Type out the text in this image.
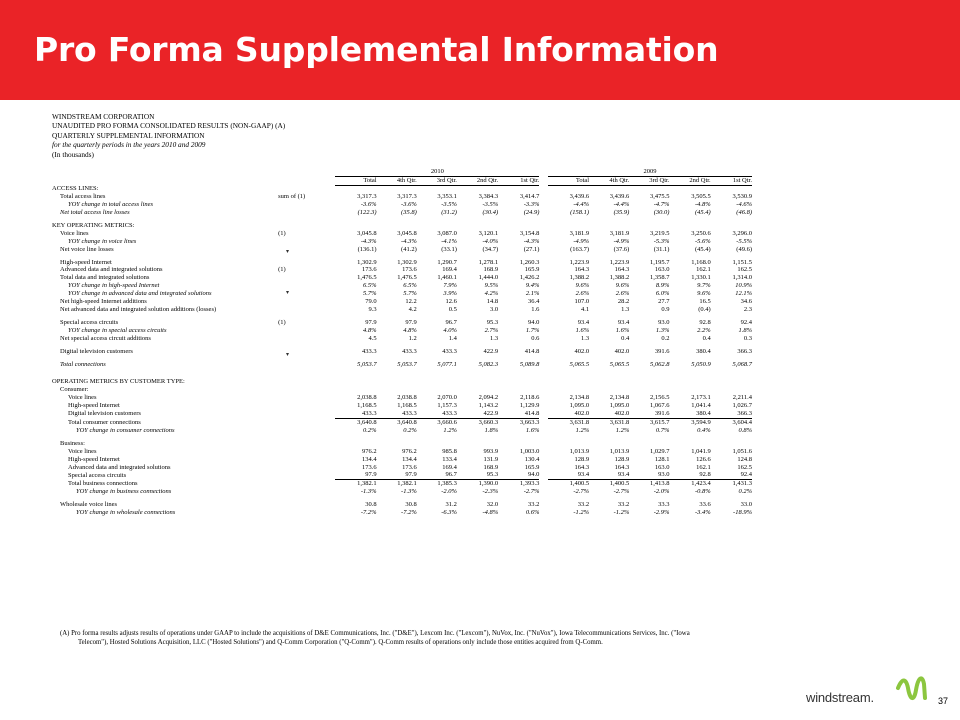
Pro Forma Supplemental Information
WINDSTREAM CORPORATION
UNAUDITED PRO FORMA CONSOLIDATED RESULTS (NON-GAAP) (A)
QUARTERLY SUPPLEMENTAL INFORMATION
for the quarterly periods in the years 2010 and 2009
(In thousands)
		2010						2009				
		Total	4th Qtr.	3rd Qtr.	2nd Qtr.	1st Qtr.		Total	4th Qtr.	3rd Qtr.	2nd Qtr.	1st Qtr.
ACCESS LINES:												
Total access lines	sum of (1)	3,317.3	3,317.3	3,353.1	3,384.3	3,414.7		3,439.6	3,439.6	3,475.5	3,505.5	3,530.9
YOY change in total access lines		-3.6%	-3.6%	-3.5%	-3.5%	-3.3%		-4.4%	-4.4%	-4.7%	-4.8%	-4.6%
Net total access line losses		(122.3)	(35.8)	(31.2)	(30.4)	(24.9)		(158.1)	(35.9)	(30.0)	(45.4)	(46.8)

KEY OPERATING METRICS:												
Voice lines	(1)	3,045.8	3,045.8	3,087.0	3,120.1	3,154.8		3,181.9	3,181.9	3,219.5	3,250.6	3,296.0
YOY change in voice lines		-4.3%	-4.3%	-4.1%	-4.0%	-4.3%		-4.9%	-4.9%	-5.3%	-5.6%	-5.5%
Net voice line losses		(136.1)	(41.2)	(33.1)	(34.7)	(27.1)		(163.7)	(37.6)	(31.1)	(45.4)	(49.6)

High-speed Internet		1,302.9	1,302.9	1,290.7	1,278.1	1,260.3		1,223.9	1,223.9	1,195.7	1,168.0	1,151.5
Advanced data and integrated solutions	(1)	173.6	173.6	169.4	168.9	165.9		164.3	164.3	163.0	162.1	162.5
Total data and integrated solutions		1,476.5	1,476.5	1,460.1	1,444.0	1,426.2		1,388.2	1,388.2	1,358.7	1,330.1	1,314.0
YOY change in high-speed Internet		6.5%	6.5%	7.9%	9.5%	9.4%		9.6%	9.6%	8.9%	9.7%	10.9%
YOY change in advanced data and integrated solutions		5.7%	5.7%	3.9%	4.2%	2.1%		2.6%	2.6%	6.0%	9.6%	12.1%
Net high-speed Internet additions		79.0	12.2	12.6	14.8	36.4		107.0	28.2	27.7	16.5	34.6
Net advanced data and integrated solution additions (losses)		9.3	4.2	0.5	3.0	1.6		4.1	1.3	0.9	(0.4)	2.3

Special access circuits	(1)	97.9	97.9	96.7	95.3	94.0		93.4	93.4	93.0	92.8	92.4
YOY change in special access circuits		4.8%	4.8%	4.0%	2.7%	1.7%		1.6%	1.6%	1.3%	2.2%	1.8%
Net special access circuit additions		4.5	1.2	1.4	1.3	0.6		1.3	0.4	0.2	0.4	0.3

Digital television customers		433.3	433.3	433.3	422.9	414.8		402.0	402.0	391.6	380.4	366.3

Total connections		5,053.7	5,053.7	5,077.1	5,082.3	5,089.8		5,065.5	5,065.5	5,062.8	5,050.9	5,068.7

OPERATING METRICS BY CUSTOMER TYPE:												
Consumer:												
Voice lines		2,038.8	2,038.8	2,070.0	2,094.2	2,118.6		2,134.8	2,134.8	2,156.5	2,173.1	2,211.4
High-speed Internet		1,168.5	1,168.5	1,157.3	1,143.2	1,129.9		1,095.0	1,095.0	1,067.6	1,041.4	1,026.7
Digital television customers		433.3	433.3	433.3	422.9	414.8		402.0	402.0	391.6	380.4	366.3
Total consumer connections		3,640.8	3,640.8	3,660.6	3,660.3	3,663.3		3,631.8	3,631.8	3,615.7	3,594.9	3,604.4
YOY change in consumer connections		0.2%	0.2%	1.2%	1.8%	1.6%		1.2%	1.2%	0.7%	0.4%	0.8%

Business:												
Voice lines		976.2	976.2	985.8	993.9	1,003.0		1,013.9	1,013.9	1,029.7	1,041.9	1,051.6
High-speed Internet		134.4	134.4	133.4	131.9	130.4		128.9	128.9	128.1	126.6	124.8
Advanced data and integrated solutions		173.6	173.6	169.4	168.9	165.9		164.3	164.3	163.0	162.1	162.5
Special access circuits		97.9	97.9	96.7	95.3	94.0		93.4	93.4	93.0	92.8	92.4
Total business connections		1,382.1	1,382.1	1,385.3	1,390.0	1,393.3		1,400.5	1,400.5	1,413.8	1,423.4	1,431.3
YOY change in business connections		-1.3%	-1.3%	-2.0%	-2.3%	-2.7%		-2.7%	-2.7%	-2.0%	-0.8%	0.2%

Wholesale voice lines		30.8	30.8	31.2	32.0	33.2		33.2	33.2	33.3	33.6	33.0
YOY change in wholesale connections		-7.2%	-7.2%	-6.3%	-4.8%	0.6%		-1.2%	-1.2%	-2.9%	-3.4%	-18.9%
▾
▾
▾
(A) Pro forma results adjusts results of operations under GAAP to include the acquisitions of D&E Communications, Inc. ("D&E"), Lexcom Inc. ("Lexcom"), NuVox, Inc. ("NuVox"), Iowa Telecommunications Services, Inc. ("Iowa
Telecom"), Hosted Solutions Acquisition, LLC ("Hosted Solutions") and Q-Comm Corporation ("Q-Comm"). Q-Comm results of operations only include those entities acquired from Q-Comm.
windstream.	37
